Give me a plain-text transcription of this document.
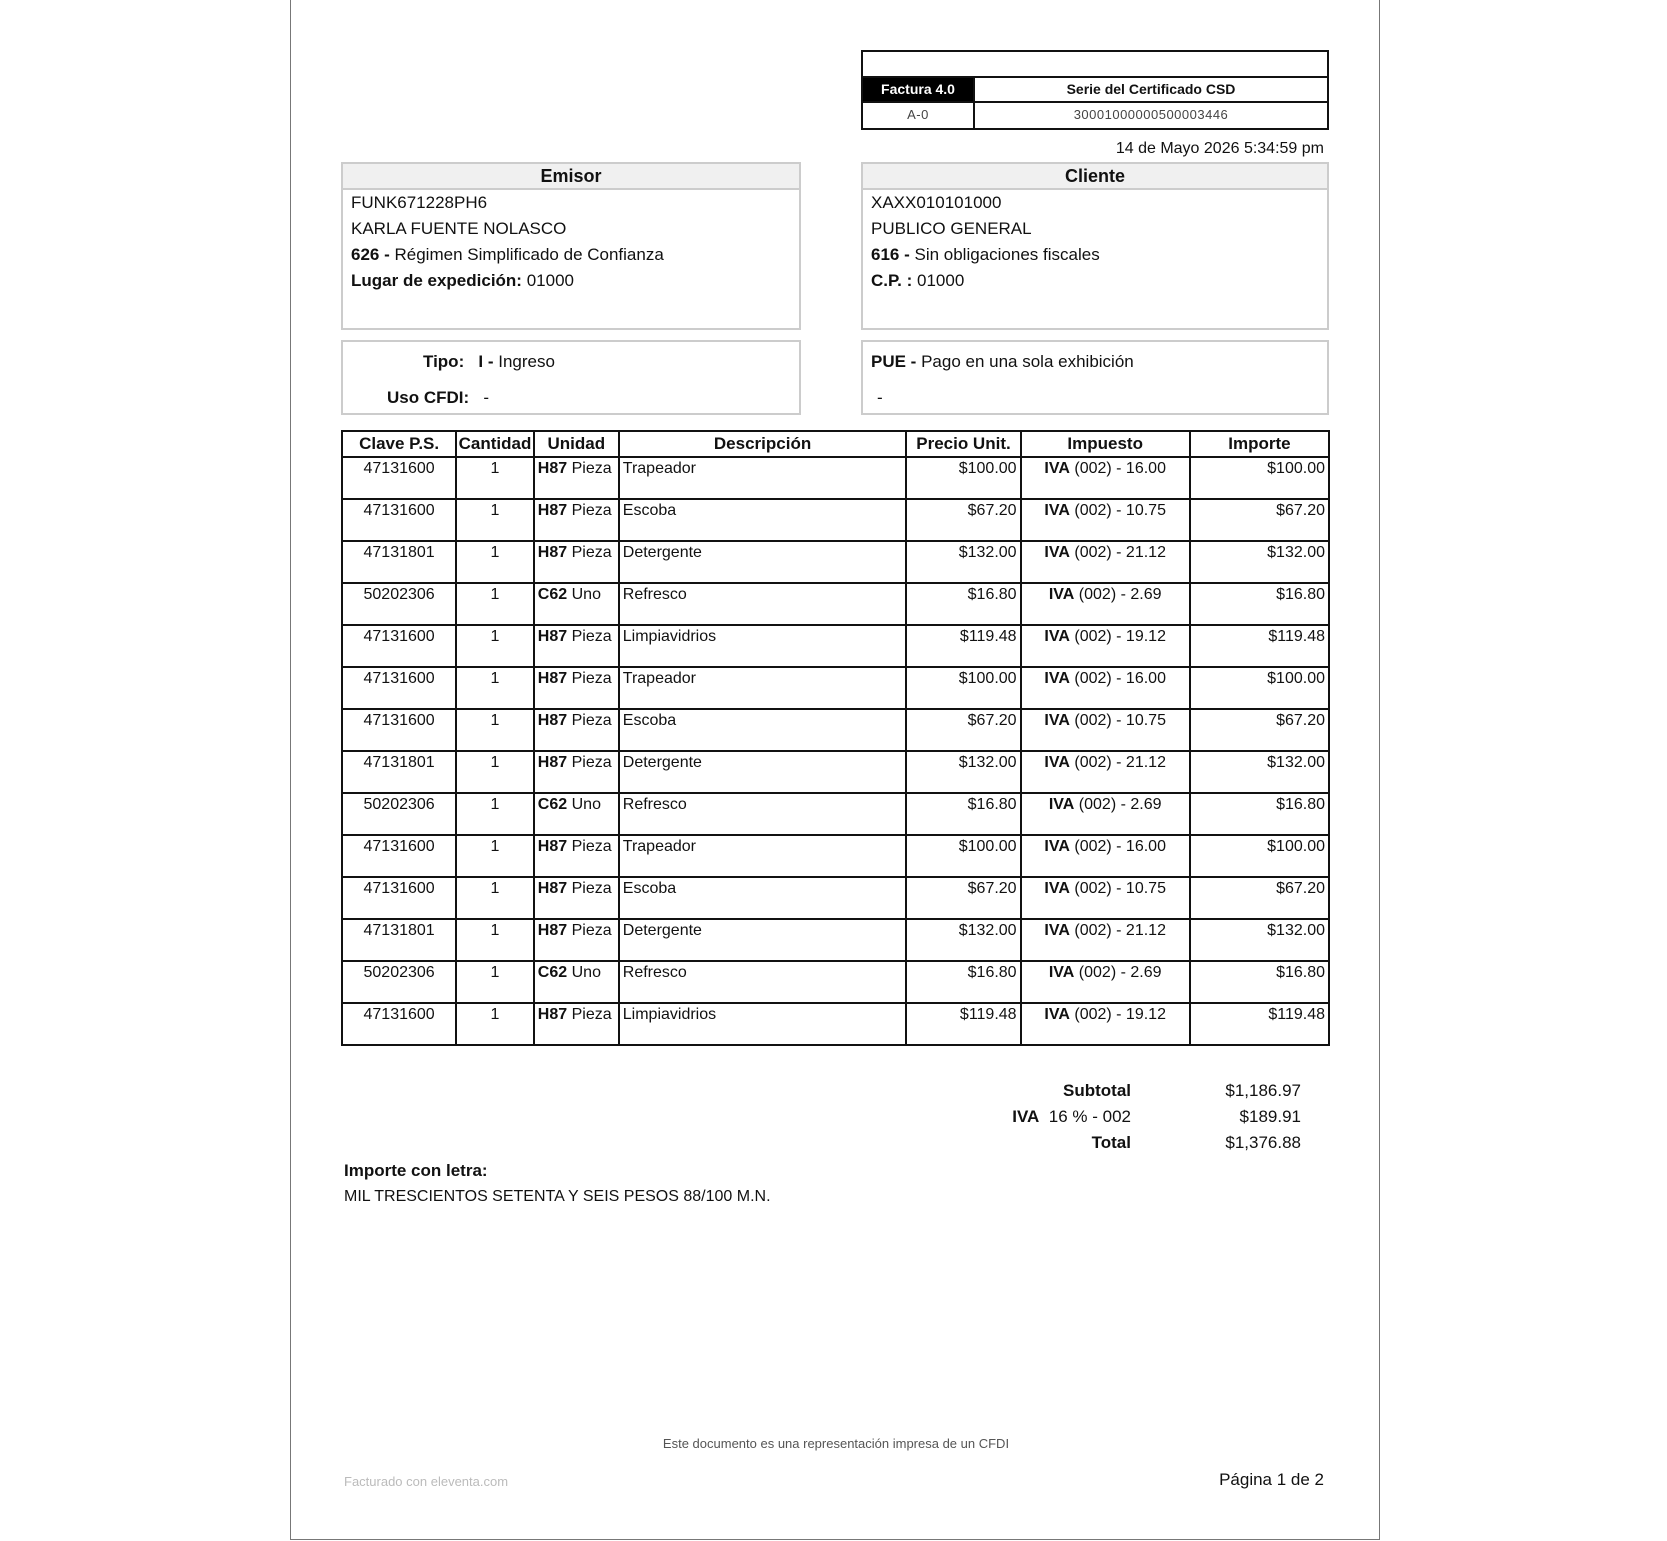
Factura 4.0	Serie del Certificado CSD
A-0	30001000000500003446
14 de Mayo 2026 5:34:59 pm
Emisor
FUNK671228PH6
KARLA FUENTE NOLASCO
626 - Régimen Simplificado de Confianza
Lugar de expedición: 01000
Cliente
XAXX010101000
PUBLICO GENERAL
616 - Sin obligaciones fiscales
C.P. : 01000
Tipo: I - Ingreso
Uso CFDI: -
PUE - Pago en una sola exhibición
-
Clave P.S.	Cantidad	Unidad	Descripción	Precio Unit.	Impuesto	Importe
47131600	1	H87 Pieza	Trapeador	$100.00	IVA (002) - 16.00	$100.00
47131600	1	H87 Pieza	Escoba	$67.20	IVA (002) - 10.75	$67.20
47131801	1	H87 Pieza	Detergente	$132.00	IVA (002) - 21.12	$132.00
50202306	1	C62 Uno	Refresco	$16.80	IVA (002) - 2.69	$16.80
47131600	1	H87 Pieza	Limpiavidrios	$119.48	IVA (002) - 19.12	$119.48
47131600	1	H87 Pieza	Trapeador	$100.00	IVA (002) - 16.00	$100.00
47131600	1	H87 Pieza	Escoba	$67.20	IVA (002) - 10.75	$67.20
47131801	1	H87 Pieza	Detergente	$132.00	IVA (002) - 21.12	$132.00
50202306	1	C62 Uno	Refresco	$16.80	IVA (002) - 2.69	$16.80
47131600	1	H87 Pieza	Trapeador	$100.00	IVA (002) - 16.00	$100.00
47131600	1	H87 Pieza	Escoba	$67.20	IVA (002) - 10.75	$67.20
47131801	1	H87 Pieza	Detergente	$132.00	IVA (002) - 21.12	$132.00
50202306	1	C62 Uno	Refresco	$16.80	IVA (002) - 2.69	$16.80
47131600	1	H87 Pieza	Limpiavidrios	$119.48	IVA (002) - 19.12	$119.48
Subtotal	$1,186.97
IVA 16 % - 002	$189.91
Total	$1,376.88
Importe con letra:
MIL TRESCIENTOS SETENTA Y SEIS PESOS 88/100 M.N.
Este documento es una representación impresa de un CFDI
Facturado con eleventa.com	Página 1 de 2
